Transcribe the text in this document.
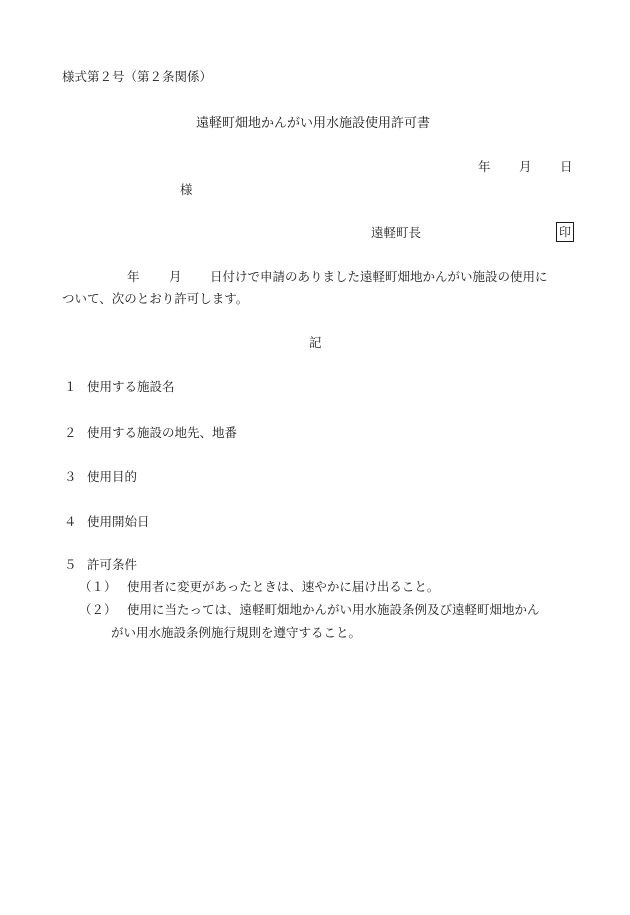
様式第２号（第２条関係）
遠軽町畑地かんがい用水施設使用許可書
年 月 日
様
遠軽町長	印
年 月 日付けで申請のありました遠軽町畑地かんがい施設の使用に
ついて、次のとおり許可します。
記
１ 使用する施設名
２ 使用する施設の地先、地番
３ 使用目的
４ 使用開始日
５ 許可条件
（１） 使用者に変更があったときは、速やかに届け出ること。
（２） 使用に当たっては、遠軽町畑地かんがい用水施設条例及び遠軽町畑地かん
がい用水施設条例施行規則を遵守すること。
